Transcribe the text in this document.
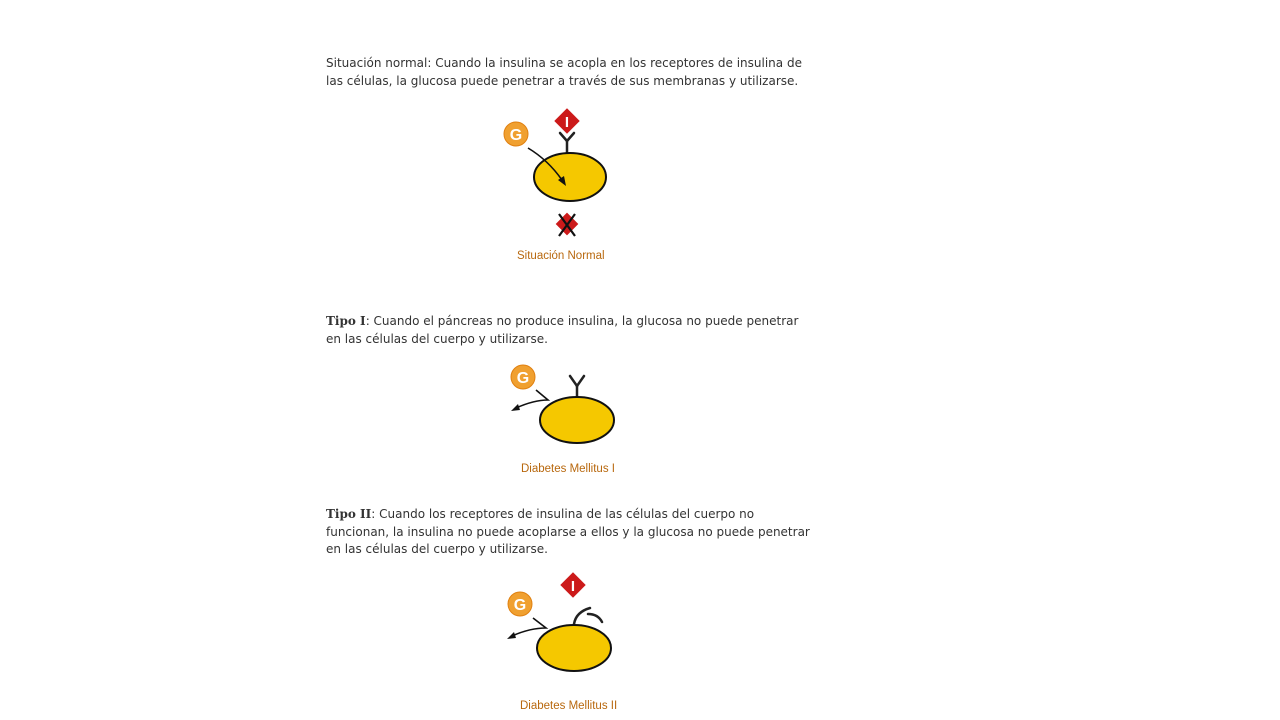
Situación normal: Cuando la insulina se acopla en los receptores de insulina de las células, la glucosa puede penetrar a través de sus membranas y utilizarse.

I
G
Situación Normal

Tipo I: Cuando el páncreas no produce insulina, la glucosa no puede penetrar en las células del cuerpo y utilizarse.

G
Diabetes Mellitus I

Tipo II: Cuando los receptores de insulina de las células del cuerpo no funcionan, la insulina no puede acoplarse a ellos y la glucosa no puede penetrar en las células del cuerpo y utilizarse.

I
G
Diabetes Mellitus II
